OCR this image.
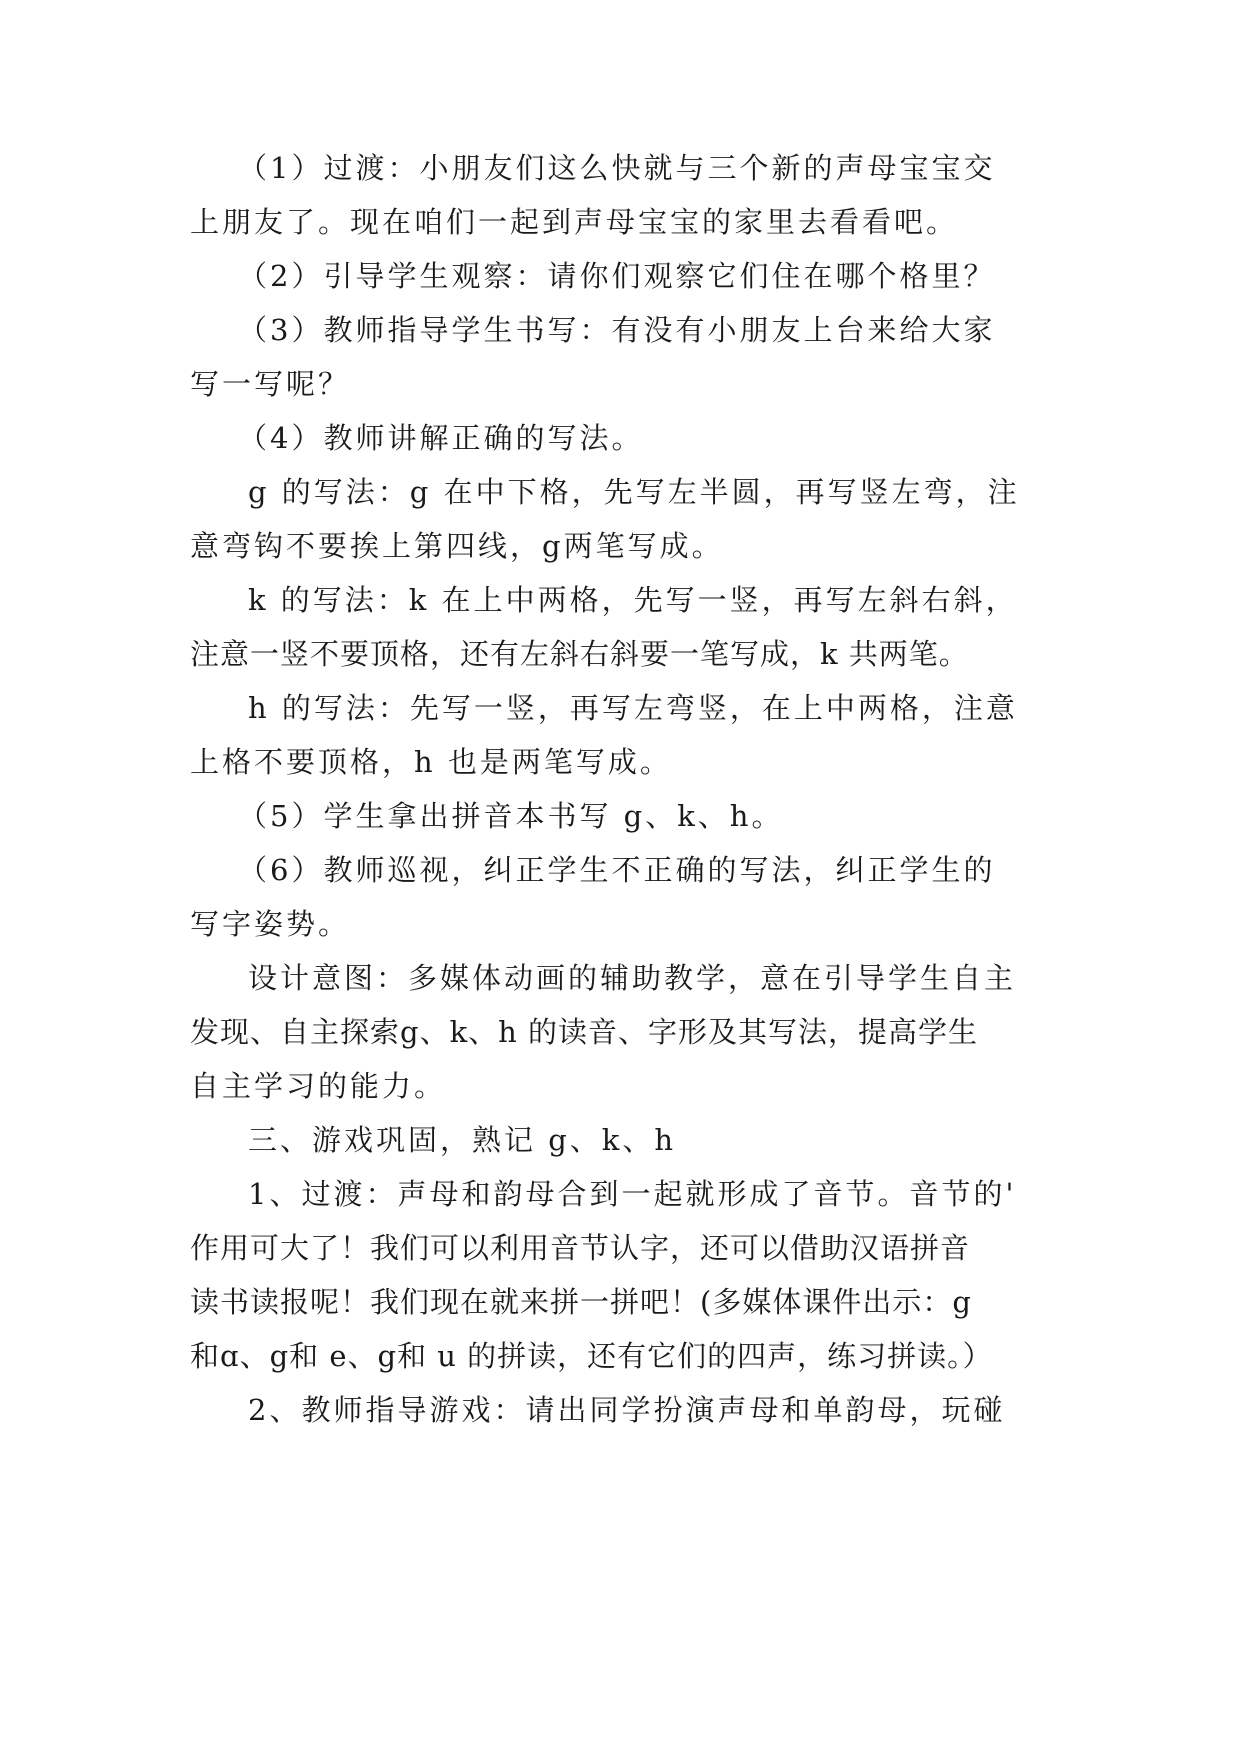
（1）过渡：小朋友们这么快就与三个新的声母宝宝交
上朋友了。现在咱们一起到声母宝宝的家里去看看吧。
（2）引导学生观察：请你们观察它们住在哪个格里？
（3）教师指导学生书写：有没有小朋友上台来给大家
写一写呢？
（4）教师讲解正确的写法。
g 的写法：g 在中下格，先写左半圆，再写竖左弯，注
意弯钩不要挨上第四线，g两笔写成。
k 的写法：k 在上中两格，先写一竖，再写左斜右斜，
注意一竖不要顶格，还有左斜右斜要一笔写成，k 共两笔。
h 的写法：先写一竖，再写左弯竖，在上中两格，注意
上格不要顶格，h 也是两笔写成。
（5）学生拿出拼音本书写 g、k、h。
（6）教师巡视，纠正学生不正确的写法，纠正学生的
写字姿势。
设计意图：多媒体动画的辅助教学，意在引导学生自主
发现、自主探索g、k、h 的读音、字形及其写法，提高学生
自主学习的能力。
三、游戏巩固，熟记 g、k、h
1、过渡：声母和韵母合到一起就形成了音节。音节的'
作用可大了！我们可以利用音节认字，还可以借助汉语拼音
读书读报呢！我们现在就来拼一拼吧！(多媒体课件出示：g
和ɑ、g和 e、g和 u 的拼读，还有它们的四声，练习拼读。）
2、教师指导游戏：请出同学扮演声母和单韵母，玩碰
